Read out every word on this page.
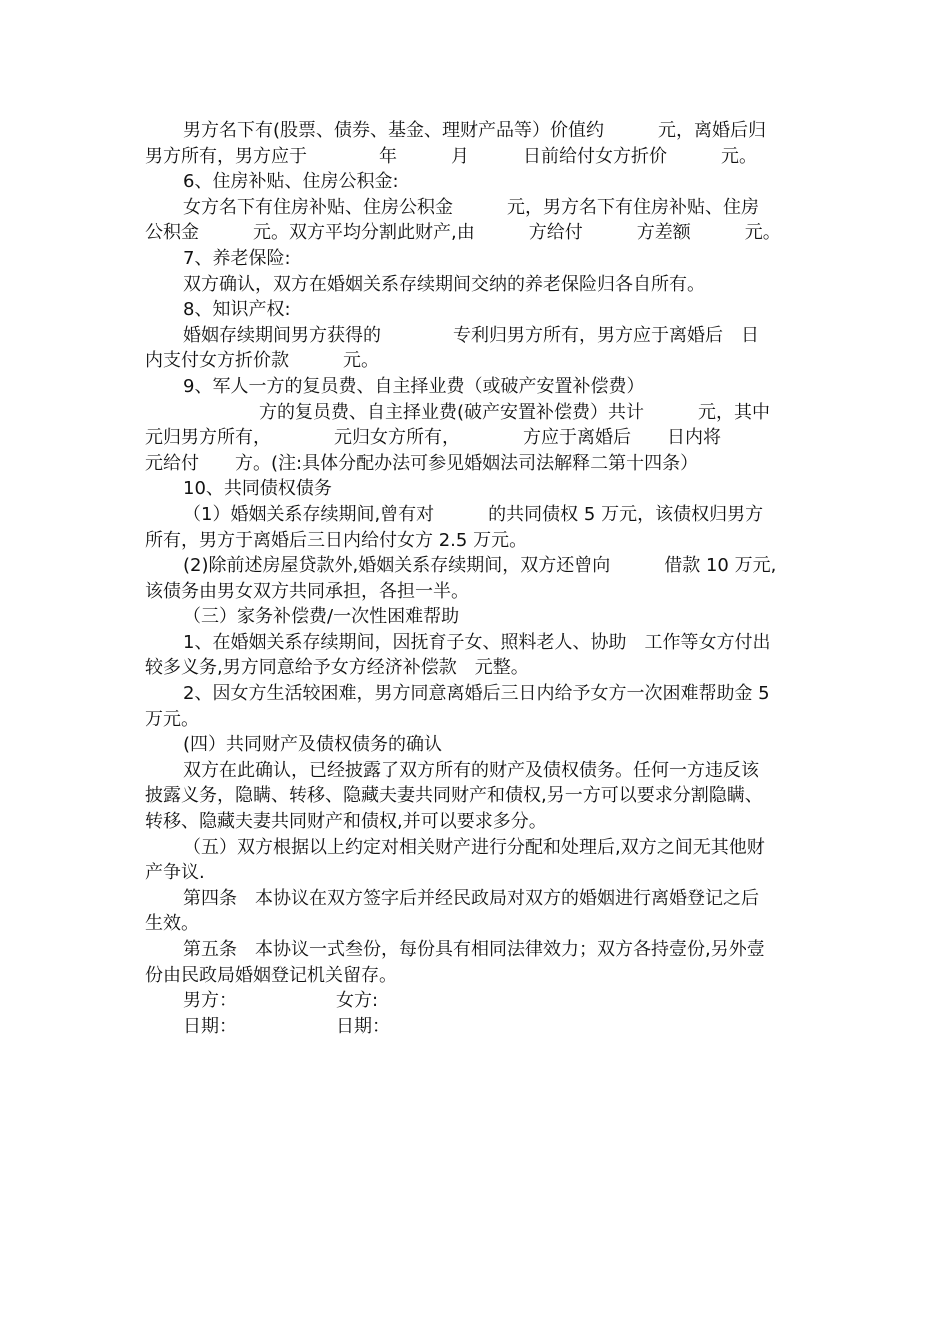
男方名下有(股票、债券、基金、理财产品等）价值约　　　元，离婚后归
男方所有，男方应于　　　　年　　　月　　　日前给付女方折价　　　元。
6、住房补贴、住房公积金:
女方名下有住房补贴、住房公积金　　　元，男方名下有住房补贴、住房
公积金　　　元。双方平均分割此财产,由　　　方给付　　　方差额　　　元。
7、养老保险:
双方确认，双方在婚姻关系存续期间交纳的养老保险归各自所有。
8、知识产权:
婚姻存续期间男方获得的　　　　专利归男方所有，男方应于离婚后　日
内支付女方折价款　　　元。
9、军人一方的复员费、自主择业费（或破产安置补偿费）
方的复员费、自主择业费(破产安置补偿费）共计　　　元，其中
元归男方所有，　　　　元归女方所有，　　　　方应于离婚后　　日内将
元给付　　方。(注:具体分配办法可参见婚姻法司法解释二第十四条）
10、共同债权债务
（1）婚姻关系存续期间,曾有对　　　的共同债权 5 万元，该债权归男方
所有，男方于离婚后三日内给付女方 2.5 万元。
(2)除前述房屋贷款外,婚姻关系存续期间，双方还曾向　　　借款 10 万元,
该债务由男女双方共同承担，各担一半。
（三）家务补偿费/一次性困难帮助
1、在婚姻关系存续期间，因抚育子女、照料老人、协助　工作等女方付出
较多义务,男方同意给予女方经济补偿款　元整。
2、因女方生活较困难，男方同意离婚后三日内给予女方一次困难帮助金 5
万元。
(四）共同财产及债权债务的确认
双方在此确认，已经披露了双方所有的财产及债权债务。任何一方违反该
披露义务，隐瞒、转移、隐藏夫妻共同财产和债权,另一方可以要求分割隐瞒、
转移、隐藏夫妻共同财产和债权,并可以要求多分。
（五）双方根据以上约定对相关财产进行分配和处理后,双方之间无其他财
产争议.
第四条　本协议在双方签字后并经民政局对双方的婚姻进行离婚登记之后
生效。
第五条　本协议一式叁份，每份具有相同法律效力；双方各持壹份,另外壹
份由民政局婚姻登记机关留存。
男方：　　　　　　女方:
日期：　　　　　　日期：
